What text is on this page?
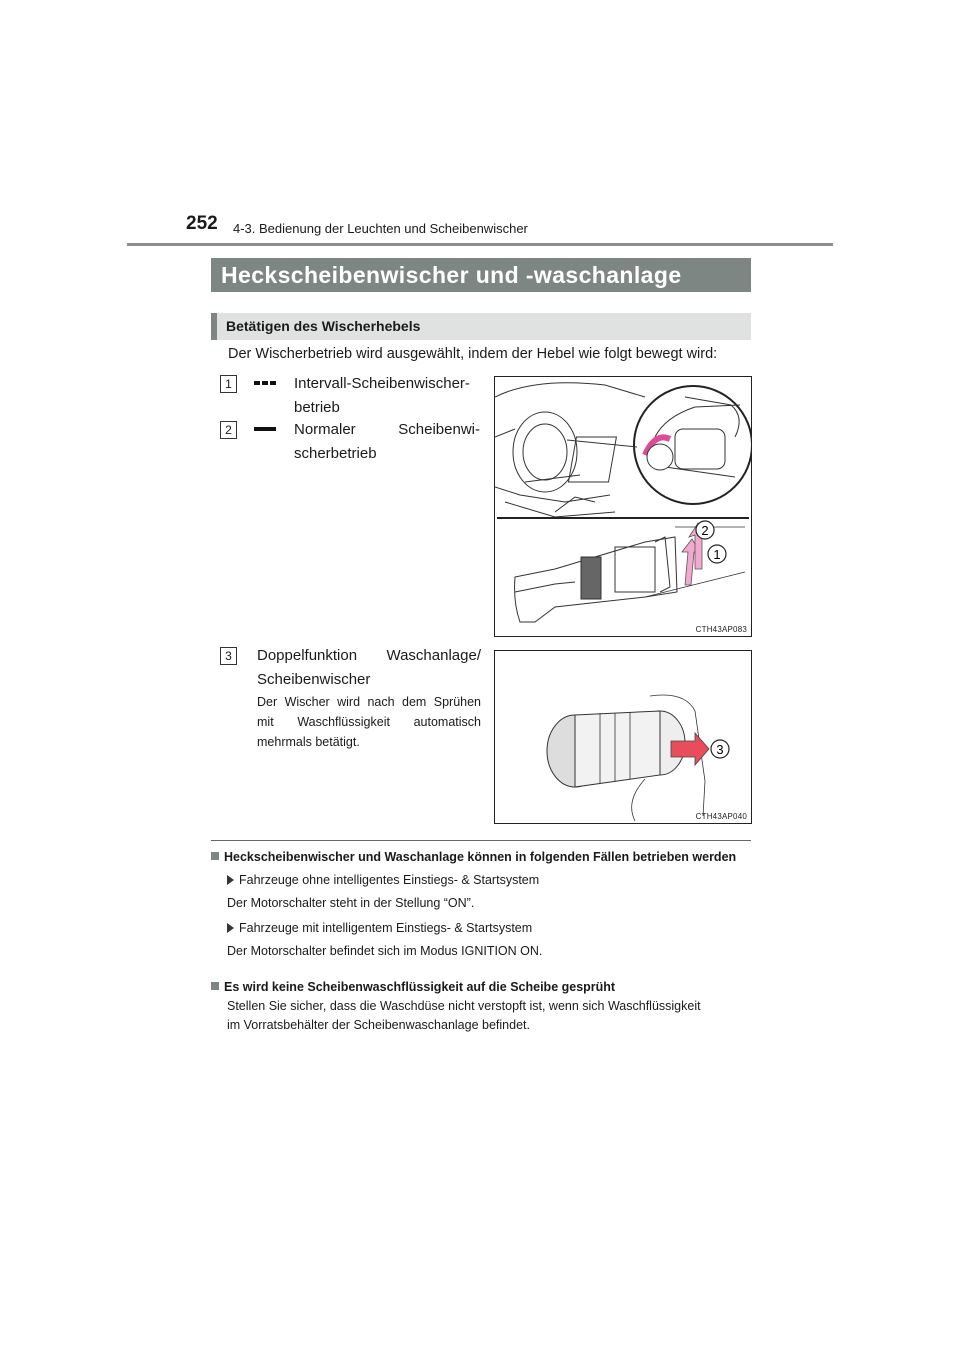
252 4-3. Bedienung der Leuchten und Scheibenwischer
Heckscheibenwischer und -waschanlage
Betätigen des Wischerhebels
Der Wischerbetrieb wird ausgewählt, indem der Hebel wie folgt bewegt wird:
1	Intervall-Scheibenwischer-
betrieb
2	Normaler Scheibenwi-
scherbetrieb
3	Doppelfunktion Waschanlage/
Scheibenwischer
Der Wischer wird nach dem Sprühen
mit Waschflüssigkeit automatisch
mehrmals betätigt.
2
1
CTH43AP083
3
CTH43AP040
Heckscheibenwischer und Waschanlage können in folgenden Fällen betrieben werden
Fahrzeuge ohne intelligentes Einstiegs- & Startsystem
Der Motorschalter steht in der Stellung “ON”.
Fahrzeuge mit intelligentem Einstiegs- & Startsystem
Der Motorschalter befindet sich im Modus IGNITION ON.
Es wird keine Scheibenwaschflüssigkeit auf die Scheibe gesprüht
Stellen Sie sicher, dass die Waschdüse nicht verstopft ist, wenn sich Waschflüssigkeit
im Vorratsbehälter der Scheibenwaschanlage befindet.
